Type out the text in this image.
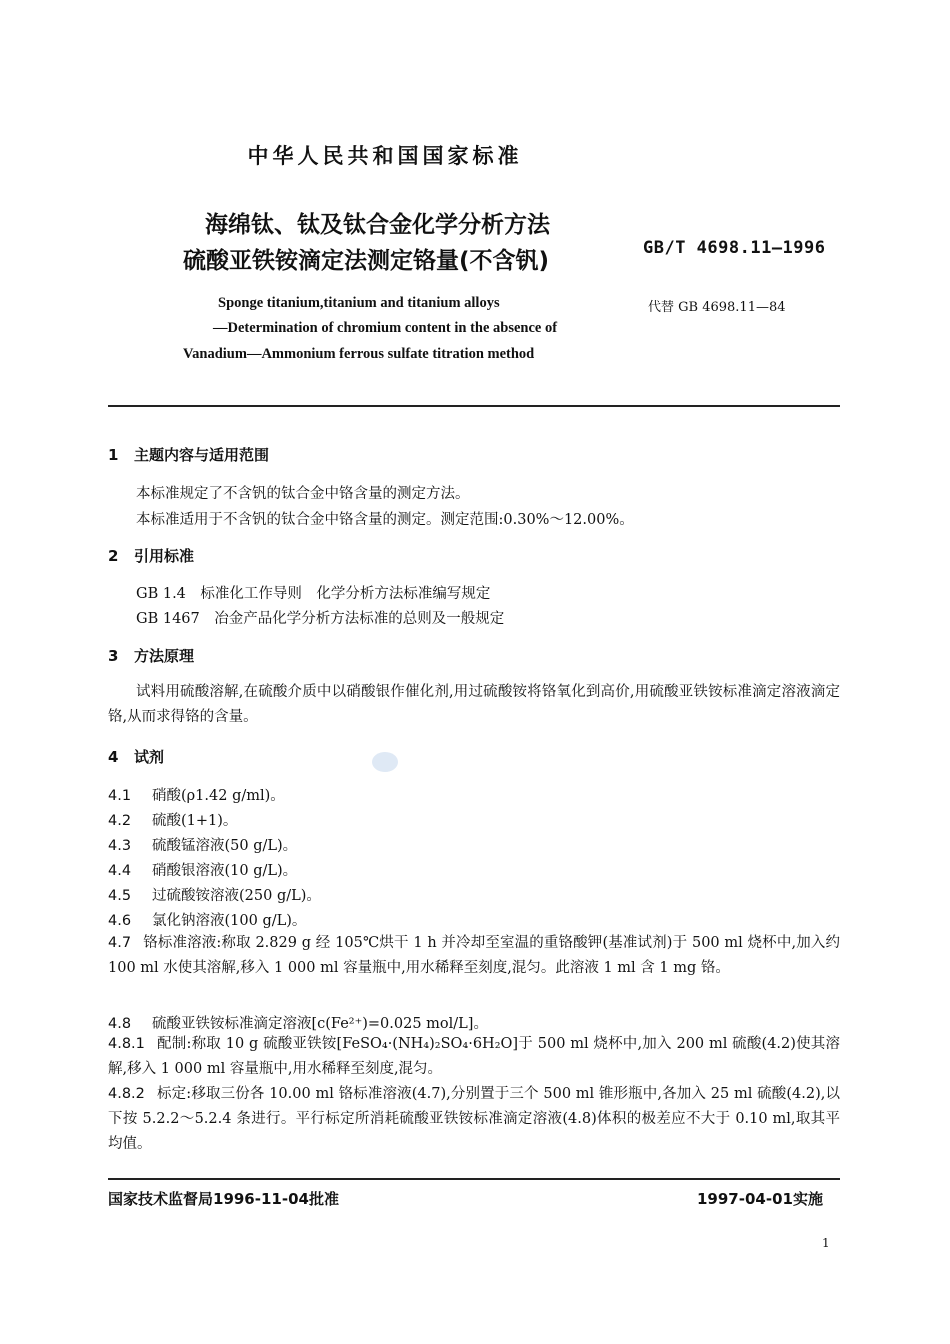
中华人民共和国国家标准
海绵钛、钛及钛合金化学分析方法
硫酸亚铁铵滴定法测定铬量(不含钒)	GB/T 4698.11—1996
Sponge titanium,titanium and titanium alloys
—Determination of chromium content in the absence of
Vanadium—Ammonium ferrous sulfate titration method
代替 GB 4698.11—84
1 主题内容与适用范围
本标准规定了不含钒的钛合金中铬含量的测定方法。
本标准适用于不含钒的钛合金中铬含量的测定。测定范围:0.30%～12.00%。
2 引用标准
GB 1.4　标准化工作导则　化学分析方法标准编写规定
GB 1467　冶金产品化学分析方法标准的总则及一般规定
3 方法原理
试料用硫酸溶解,在硫酸介质中以硝酸银作催化剂,用过硫酸铵将铬氧化到高价,用硫酸亚铁铵标准滴定溶液滴定铬,从而求得铬的含量。
4 试剂
4.1 硝酸(ρ1.42 g/ml)。
4.2 硫酸(1+1)。
4.3 硫酸锰溶液(50 g/L)。
4.4 硝酸银溶液(10 g/L)。
4.5 过硫酸铵溶液(250 g/L)。
4.6 氯化钠溶液(100 g/L)。
4.7 铬标准溶液:称取 2.829 g 经 105℃烘干 1 h 并冷却至室温的重铬酸钾(基准试剂)于 500 ml 烧杯中,加入约 100 ml 水使其溶解,移入 1 000 ml 容量瓶中,用水稀释至刻度,混匀。此溶液 1 ml 含 1 mg 铬。
4.8 硫酸亚铁铵标准滴定溶液[c(Fe²⁺)=0.025 mol/L]。
4.8.1 配制:称取 10 g 硫酸亚铁铵[FeSO₄·(NH₄)₂SO₄·6H₂O]于 500 ml 烧杯中,加入 200 ml 硫酸(4.2)使其溶解,移入 1 000 ml 容量瓶中,用水稀释至刻度,混匀。
4.8.2 标定:移取三份各 10.00 ml 铬标准溶液(4.7),分别置于三个 500 ml 锥形瓶中,各加入 25 ml 硫酸(4.2),以下按 5.2.2～5.2.4 条进行。平行标定所消耗硫酸亚铁铵标准滴定溶液(4.8)体积的极差应不大于 0.10 ml,取其平均值。
国家技术监督局1996-11-04批准	1997-04-01实施
1
